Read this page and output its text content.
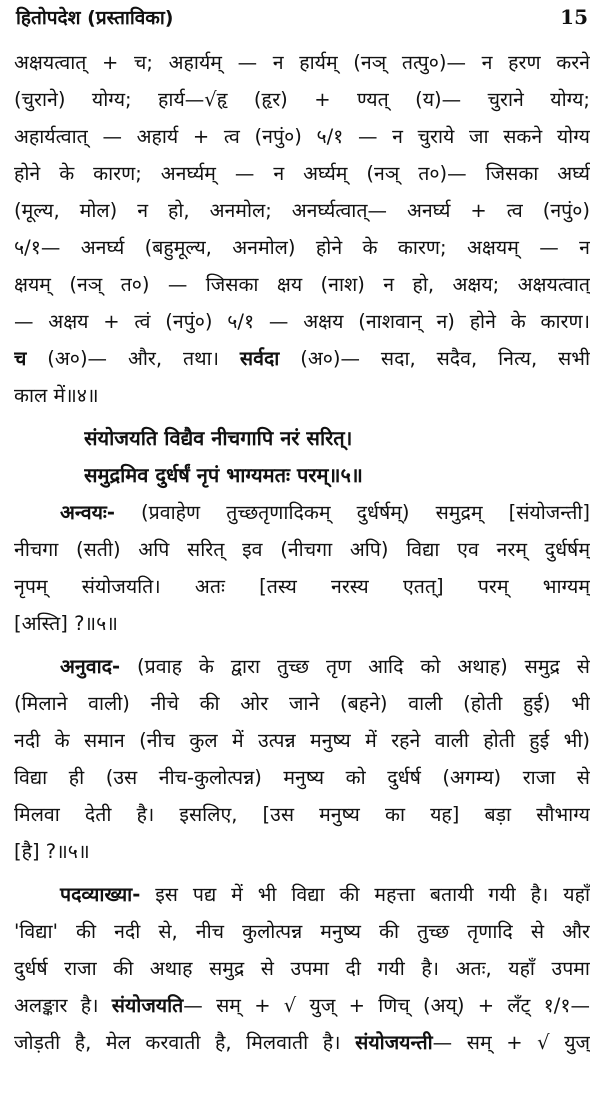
हितोपदेश (प्रस्ताविका)	15
अक्षयत्वात् + च; अहार्यम् — न हार्यम् (नञ् तत्पु०)— न हरण करने
(चुराने) योग्य; हार्य—√हृ (हृर) + ण्यत् (य)— चुराने योग्य;
अहार्यत्वात् — अहार्य + त्व (नपुं०) ५/१ — न चुराये जा सकने योग्य
होने के कारण; अनर्घ्यम् — न अर्घ्यम् (नञ् त०)— जिसका अर्घ्य
(मूल्य, मोल) न हो, अनमोल; अनर्घ्यत्वात्— अनर्घ्य + त्व (नपुं०)
५/१— अनर्घ्य (बहुमूल्य, अनमोल) होने के कारण; अक्षयम् — न
क्षयम् (नञ् त०) — जिसका क्षय (नाश) न हो, अक्षय; अक्षयत्वात्
— अक्षय + त्वं (नपुं०) ५/१ — अक्षय (नाशवान् न) होने के कारण।
च (अ०)— और, तथा। सर्वदा (अ०)— सदा, सदैव, नित्य, सभी
काल में॥४॥
संयोजयति विद्यैव नीचगापि नरं सरित्।
समुद्रमिव दुर्धर्षं नृपं भाग्यमतः परम्॥५॥
अन्वयः- (प्रवाहेण तुच्छतृणादिकम् दुर्धर्षम्) समुद्रम् [संयोजन्ती]
नीचगा (सती) अपि सरित् इव (नीचगा अपि) विद्या एव नरम् दुर्धर्षम्
नृपम् संयोजयति। अतः [तस्य नरस्य एतत्] परम् भाग्यम्
[अस्ति] ?॥५॥
अनुवाद- (प्रवाह के द्वारा तुच्छ तृण आदि को अथाह) समुद्र से
(मिलाने वाली) नीचे की ओर जाने (बहने) वाली (होती हुई) भी
नदी के समान (नीच कुल में उत्पन्न मनुष्य में रहने वाली होती हुई भी)
विद्या ही (उस नीच-कुलोत्पन्न) मनुष्य को दुर्धर्ष (अगम्य) राजा से
मिलवा देती है। इसलिए, [उस मनुष्य का यह] बड़ा सौभाग्य
[है] ?॥५॥
पदव्याख्या- इस पद्य में भी विद्या की महत्ता बतायी गयी है। यहाँ
'विद्या' की नदी से, नीच कुलोत्पन्न मनुष्य की तुच्छ तृणादि से और
दुर्धर्ष राजा की अथाह समुद्र से उपमा दी गयी है। अतः, यहाँ उपमा
अलङ्कार है। संयोजयति— सम् + √ युज् + णिच् (अय्) + लँट् १/१—
जोड़ती है, मेल करवाती है, मिलवाती है। संयोजयन्ती— सम् + √ युज्
